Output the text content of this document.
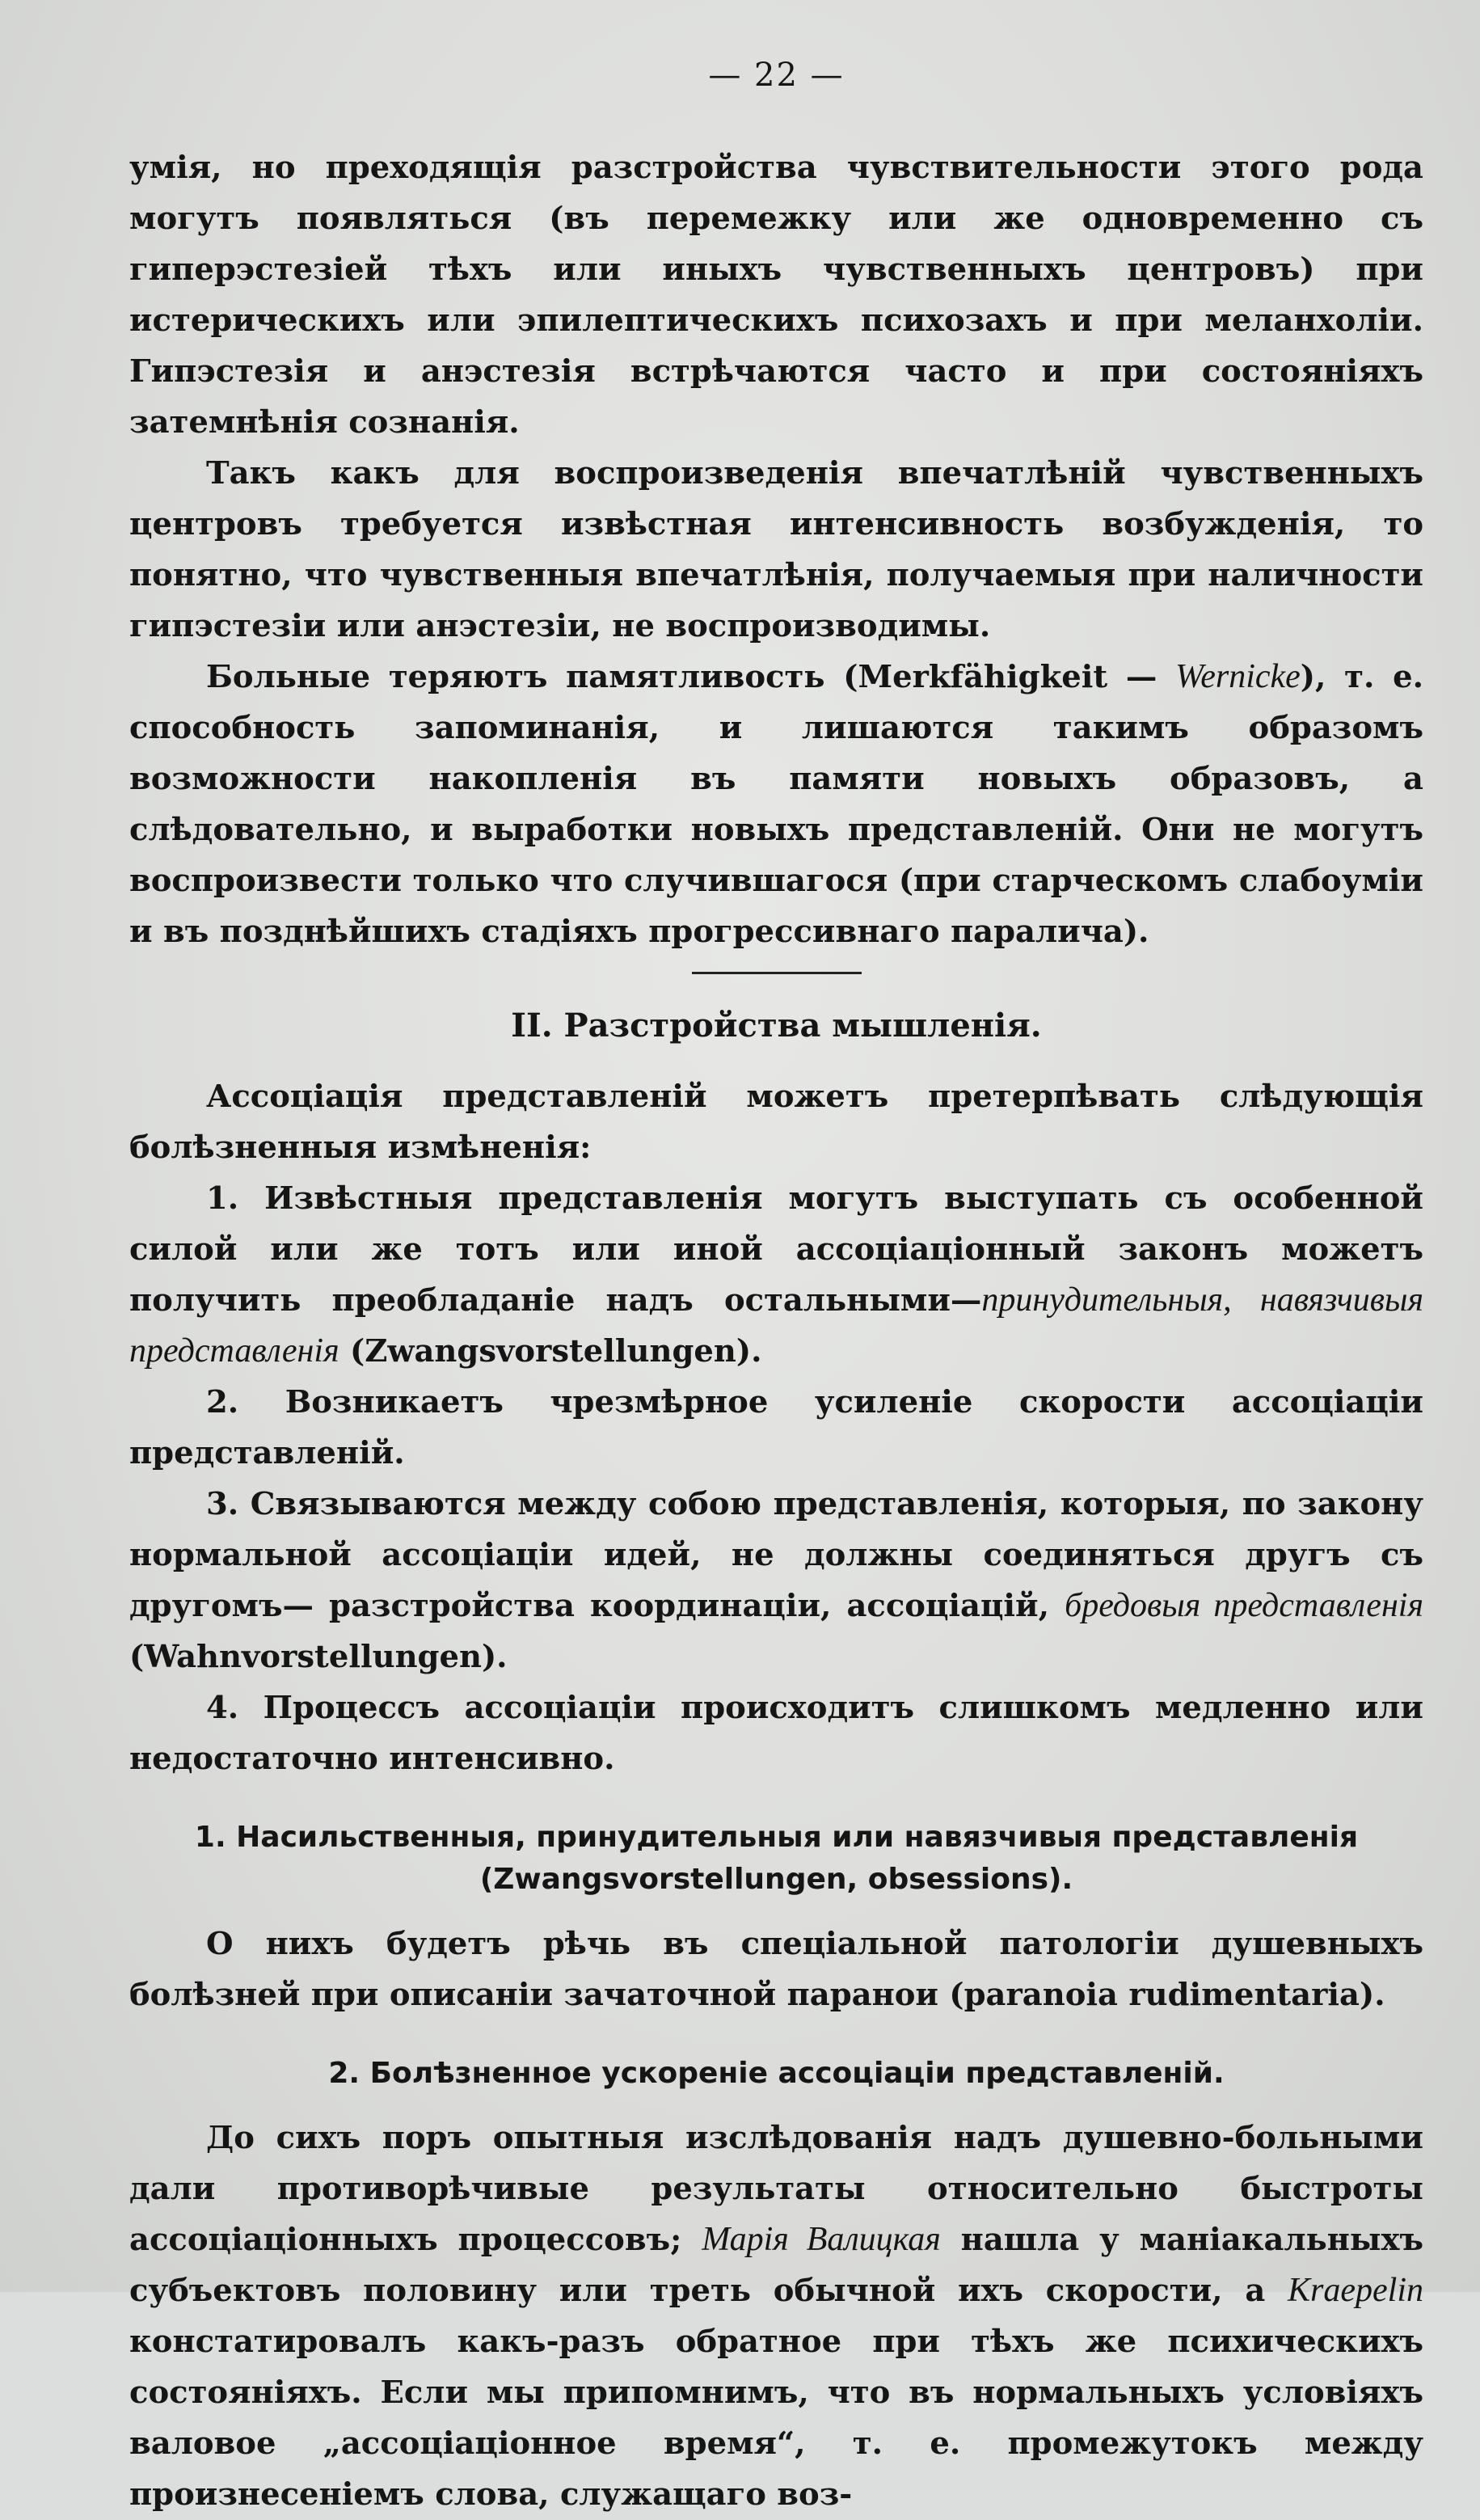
— 22 —

умія, но преходящія разстройства чувствительности этого рода могутъ появляться (въ перемежку или же одновременно съ гиперэстезіей тѣхъ или иныхъ чувственныхъ центровъ) при истерическихъ или эпилептическихъ психозахъ и при меланхоліи. Гипэстезія и анэстезія встрѣчаются часто и при состояніяхъ затемнѣнія сознанія.

Такъ какъ для воспроизведенія впечатлѣній чувственныхъ центровъ требуется извѣстная интенсивность возбужденія, то понятно, что чувственныя впечатлѣнія, получаемыя при наличности гипэстезіи или анэстезіи, не воспроизводимы.

Больные теряютъ памятливость (Merkfähigkeit — Wernicke), т. е. способность запоминанія, и лишаются такимъ образомъ возможности накопленія въ памяти новыхъ образовъ, а слѣдовательно, и выработки новыхъ представленій. Они не могутъ воспроизвести только что случившагося (при старческомъ слабоуміи и въ позднѣйшихъ стадіяхъ прогрессивнаго паралича).

II. Разстройства мышленія.

Ассоціація представленій можетъ претерпѣвать слѣдующія болѣзненныя измѣненія:

1. Извѣстныя представленія могутъ выступать съ особенной силой или же тотъ или иной ассоціаціонный законъ можетъ получить преобладаніе надъ остальными—принудительныя, навязчивыя представленія (Zwangsvorstellungen).

2. Возникаетъ чрезмѣрное усиленіе скорости ассоціаціи представленій.

3. Связываются между собою представленія, которыя, по закону нормальной ассоціаціи идей, не должны соединяться другъ съ другомъ— разстройства координаціи, ассоціацій, бредовыя представленія (Wahnvorstellungen).

4. Процессъ ассоціаціи происходитъ слишкомъ медленно или недостаточно интенсивно.

1. Насильственныя, принудительныя или навязчивыя представленія
(Zwangsvorstellungen, obsessions).

О нихъ будетъ рѣчь въ спеціальной патологіи душевныхъ болѣзней при описаніи зачаточной паранои (paranoia rudimentaria).

2. Болѣзненное ускореніе ассоціаціи представленій.

До сихъ поръ опытныя изслѣдованія надъ душевно-больными дали противорѣчивые результаты относительно быстроты ассоціаціонныхъ процессовъ; Марія Валицкая нашла у маніакальныхъ субъектовъ половину или треть обычной ихъ скорости, а Kraepelin констатировалъ какъ-разъ обратное при тѣхъ же психическихъ состояніяхъ. Если мы припомнимъ, что въ нормальныхъ условіяхъ валовое „ассоціаціонное время“, т. е. промежутокъ между произнесеніемъ слова, служащаго воз-
